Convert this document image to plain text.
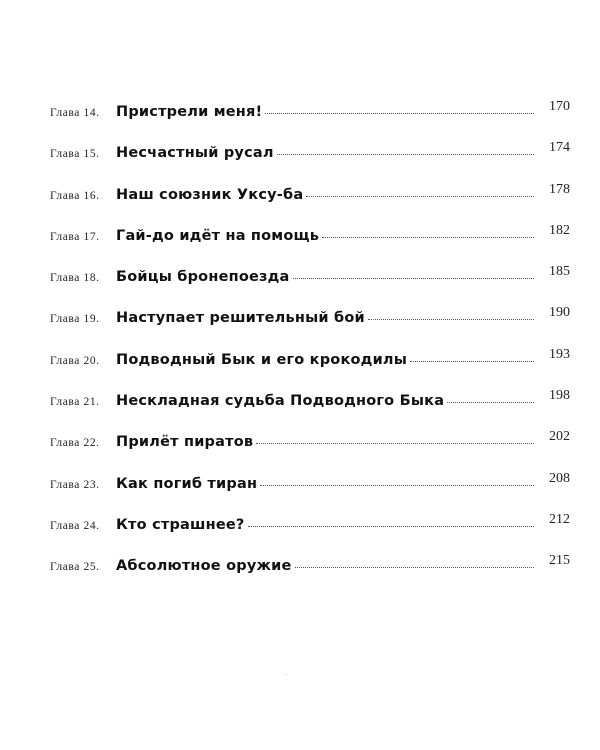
Глава 14.	Пристрели меня!	170
Глава 15.	Несчастный русал	174
Глава 16.	Наш союзник Уксу-ба	178
Глава 17.	Гай-до идёт на помощь	182
Глава 18.	Бойцы бронепоезда	185
Глава 19.	Наступает решительный бой	190
Глава 20.	Подводный Бык и его крокодилы	193
Глава 21.	Нескладная судьба Подводного Быка	198
Глава 22.	Прилёт пиратов	202
Глава 23.	Как погиб тиран	208
Глава 24.	Кто страшнее?	212
Глава 25.	Абсолютное оружие	215
.
